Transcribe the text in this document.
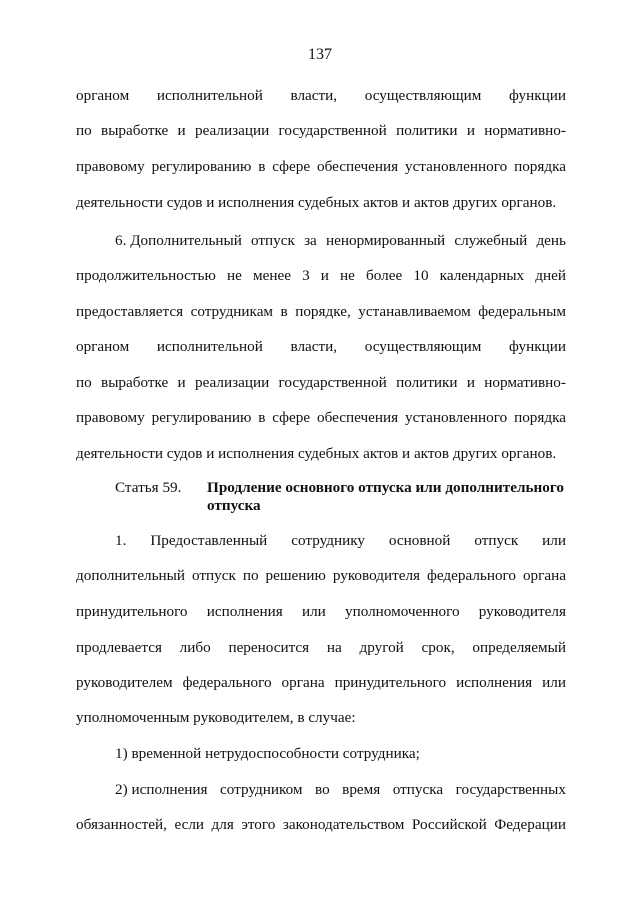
137
органом исполнительной власти, осуществляющим функции
по выработке и реализации государственной политики и нормативно-
правовому регулированию в сфере обеспечения установленного порядка
деятельности судов и исполнения судебных актов и актов других органов.
6. Дополнительный отпуск за ненормированный служебный день
продолжительностью не менее 3 и не более 10 календарных дней
предоставляется сотрудникам в порядке, устанавливаемом федеральным
органом исполнительной власти, осуществляющим функции
по выработке и реализации государственной политики и нормативно-
правовому регулированию в сфере обеспечения установленного порядка
деятельности судов и исполнения судебных актов и актов других органов.
Статья 59. Продление основного отпуска или дополнительного отпуска
1. Предоставленный сотруднику основной отпуск или
дополнительный отпуск по решению руководителя федерального органа
принудительного исполнения или уполномоченного руководителя
продлевается либо переносится на другой срок, определяемый
руководителем федерального органа принудительного исполнения или
уполномоченным руководителем, в случае:
1) временной нетрудоспособности сотрудника;
2) исполнения сотрудником во время отпуска государственных
обязанностей, если для этого законодательством Российской Федерации
